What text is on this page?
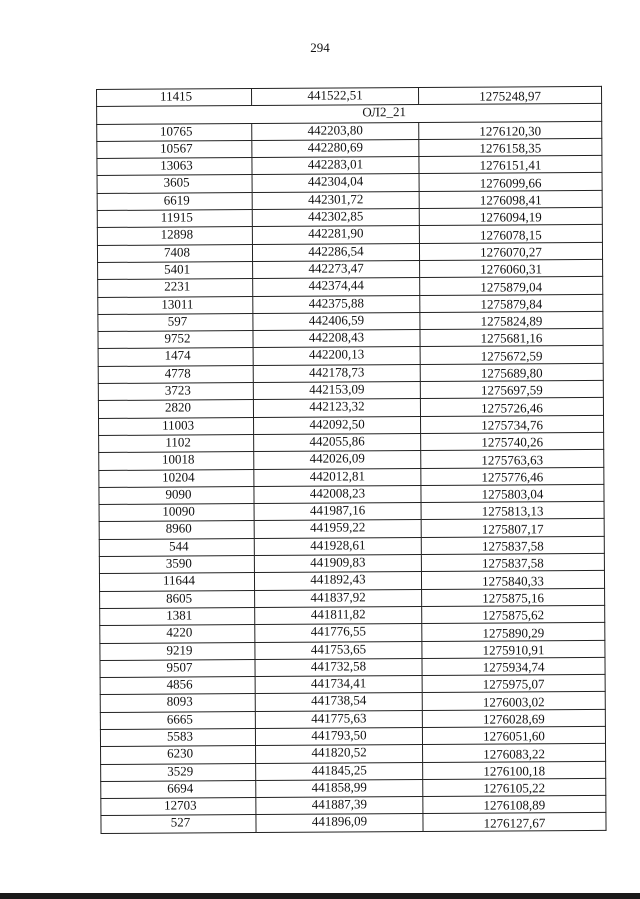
294
11415	441522,51	1275248,97
ОЛ2_21		
10765	442203,80	1276120,30
10567	442280,69	1276158,35
13063	442283,01	1276151,41
3605	442304,04	1276099,66
6619	442301,72	1276098,41
11915	442302,85	1276094,19
12898	442281,90	1276078,15
7408	442286,54	1276070,27
5401	442273,47	1276060,31
2231	442374,44	1275879,04
13011	442375,88	1275879,84
597	442406,59	1275824,89
9752	442208,43	1275681,16
1474	442200,13	1275672,59
4778	442178,73	1275689,80
3723	442153,09	1275697,59
2820	442123,32	1275726,46
11003	442092,50	1275734,76
1102	442055,86	1275740,26
10018	442026,09	1275763,63
10204	442012,81	1275776,46
9090	442008,23	1275803,04
10090	441987,16	1275813,13
8960	441959,22	1275807,17
544	441928,61	1275837,58
3590	441909,83	1275837,58
11644	441892,43	1275840,33
8605	441837,92	1275875,16
1381	441811,82	1275875,62
4220	441776,55	1275890,29
9219	441753,65	1275910,91
9507	441732,58	1275934,74
4856	441734,41	1275975,07
8093	441738,54	1276003,02
6665	441775,63	1276028,69
5583	441793,50	1276051,60
6230	441820,52	1276083,22
3529	441845,25	1276100,18
6694	441858,99	1276105,22
12703	441887,39	1276108,89
527	441896,09	1276127,67
